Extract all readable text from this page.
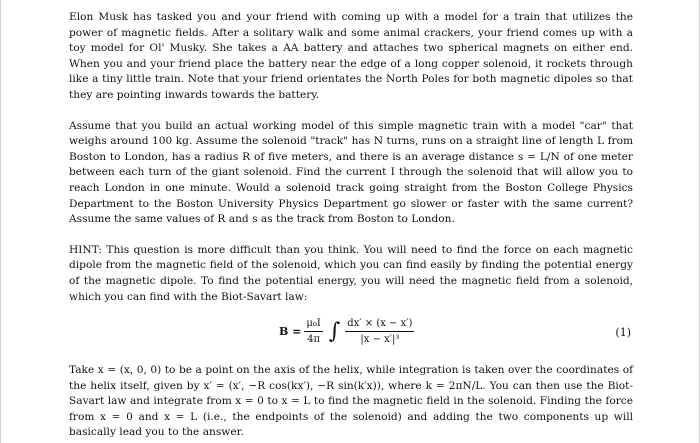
Elon Musk has tasked you and your friend with coming up with a model for a train that utilizes the power of magnetic fields. After a solitary walk and some animal crackers, your friend comes up with a toy model for Ol' Musky. She takes a AA battery and attaches two spherical magnets on either end. When you and your friend place the battery near the edge of a long copper solenoid, it rockets through like a tiny little train. Note that your friend orientates the North Poles for both magnetic dipoles so that they are pointing inwards towards the battery.

Assume that you build an actual working model of this simple magnetic train with a model "car" that weighs around 100 kg. Assume the solenoid "track" has N turns, runs on a straight line of length L from Boston to London, has a radius R of five meters, and there is an average distance s = L/N of one meter between each turn of the giant solenoid. Find the current I through the solenoid that will allow you to reach London in one minute. Would a solenoid track going straight from the Boston College Physics Department to the Boston University Physics Department go slower or faster with the same current? Assume the same values of R and s as the track from Boston to London.

HINT: This question is more difficult than you think. You will need to find the force on each magnetic dipole from the magnetic field of the solenoid, which you can find easily by finding the potential energy of the magnetic dipole. To find the potential energy, you will need the magnetic field from a solenoid, which you can find with the Biot-Savart law:

$B = \frac{\text{μ₀I}}{4\pi}$ ∫ $\frac{dx' \times (x - x')}{\text{|x − x′|³}}$	(1)

Take x = (x, 0, 0) to be a point on the axis of the helix, while integration is taken over the coordinates of the helix itself, given by x′ = (x′, −R cos(kx′), −R sin(k′x)), where k = 2πN/L. You can then use the Biot-Savart law and integrate from x = 0 to x = L to find the magnetic field in the solenoid. Finding the force from x = 0 and x = L (i.e., the endpoints of the solenoid) and adding the two components up will basically lead you to the answer.
